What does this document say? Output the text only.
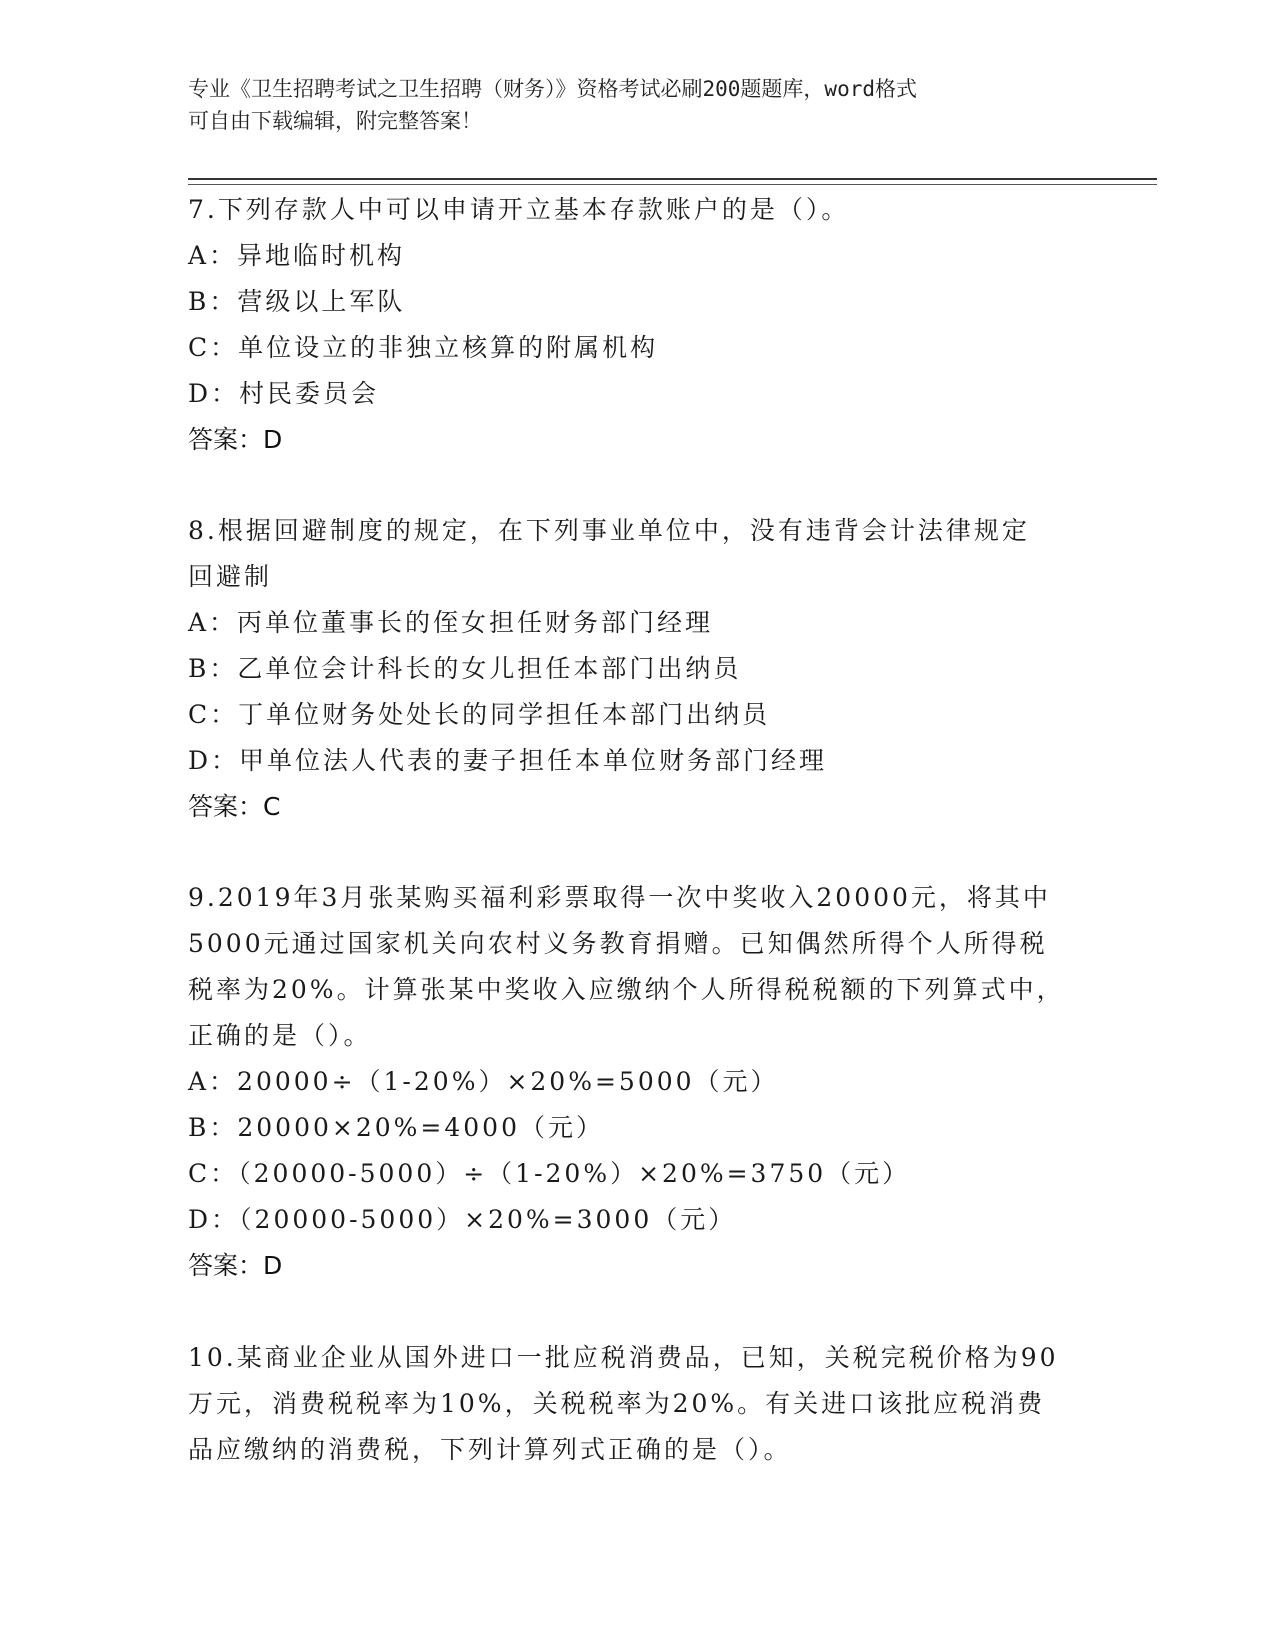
专业《卫生招聘考试之卫生招聘（财务）》资格考试必刷200题题库，word格式
可自由下载编辑，附完整答案！
7.下列存款人中可以申请开立基本存款账户的是（）。
A：异地临时机构
B：营级以上军队
C：单位设立的非独立核算的附属机构
D：村民委员会
答案：D
8.根据回避制度的规定，在下列事业单位中，没有违背会计法律规定
回避制
A：丙单位董事长的侄女担任财务部门经理
B：乙单位会计科长的女儿担任本部门出纳员
C：丁单位财务处处长的同学担任本部门出纳员
D：甲单位法人代表的妻子担任本单位财务部门经理
答案：C
9.2019年3月张某购买福利彩票取得一次中奖收入20000元，将其中
5000元通过国家机关向农村义务教育捐赠。已知偶然所得个人所得税
税率为20%。计算张某中奖收入应缴纳个人所得税税额的下列算式中，
正确的是（）。
A：20000÷（1-20%）×20%=5000（元）
B：20000×20%=4000（元）
C：（20000-5000）÷（1-20%）×20%=3750（元）
D：（20000-5000）×20%=3000（元）
答案：D
10.某商业企业从国外进口一批应税消费品，已知，关税完税价格为90
万元，消费税税率为10%，关税税率为20%。有关进口该批应税消费
品应缴纳的消费税，下列计算列式正确的是（）。
